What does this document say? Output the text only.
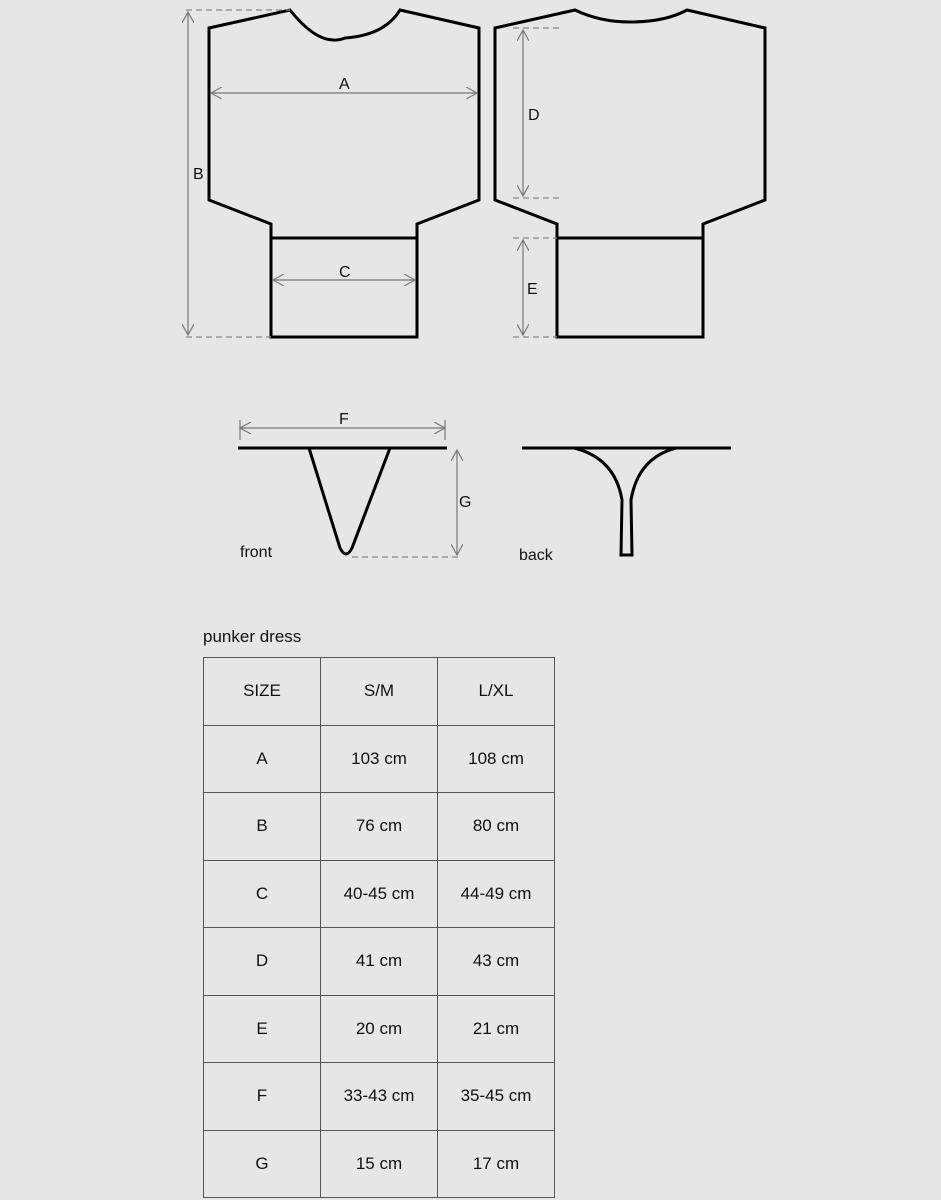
A
B
C
D
E
F
G
front	back
punker dress
SIZE	S/M	L/XL
A	103 cm	108 cm
B	76 cm	80 cm
C	40-45 cm	44-49 cm
D	41 cm	43 cm
E	20 cm	21 cm
F	33-43 cm	35-45 cm
G	15 cm	17 cm
